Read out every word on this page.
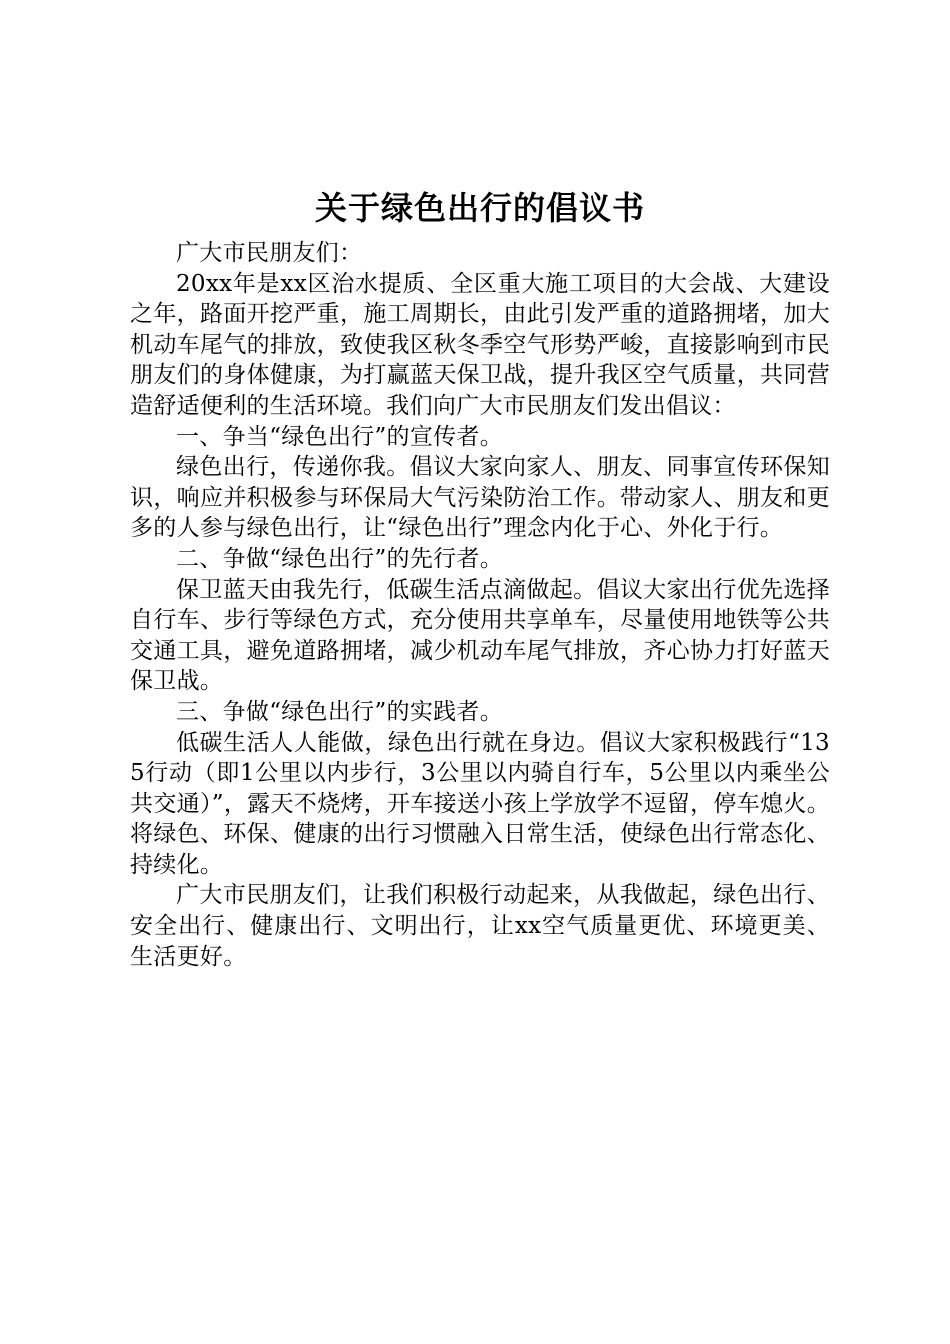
关于绿色出行的倡议书

广大市民朋友们：

20xx年是xx区治水提质、全区重大施工项目的大会战、大建设之年，路面开挖严重，施工周期长，由此引发严重的道路拥堵，加大机动车尾气的排放，致使我区秋冬季空气形势严峻，直接影响到市民朋友们的身体健康，为打赢蓝天保卫战，提升我区空气质量，共同营造舒适便利的生活环境。我们向广大市民朋友们发出倡议：

一、争当“绿色出行”的宣传者。

绿色出行，传递你我。倡议大家向家人、朋友、同事宣传环保知识，响应并积极参与环保局大气污染防治工作。带动家人、朋友和更多的人参与绿色出行，让“绿色出行”理念内化于心、外化于行。

二、争做“绿色出行”的先行者。

保卫蓝天由我先行，低碳生活点滴做起。倡议大家出行优先选择自行车、步行等绿色方式，充分使用共享单车，尽量使用地铁等公共交通工具，避免道路拥堵，减少机动车尾气排放，齐心协力打好蓝天保卫战。

三、争做“绿色出行”的实践者。

低碳生活人人能做，绿色出行就在身边。倡议大家积极践行“135行动（即1公里以内步行，3公里以内骑自行车，5公里以内乘坐公共交通）”，露天不烧烤，开车接送小孩上学放学不逗留，停车熄火。将绿色、环保、健康的出行习惯融入日常生活，使绿色出行常态化、持续化。

广大市民朋友们，让我们积极行动起来，从我做起，绿色出行、安全出行、健康出行、文明出行，让xx空气质量更优、环境更美、生活更好。
